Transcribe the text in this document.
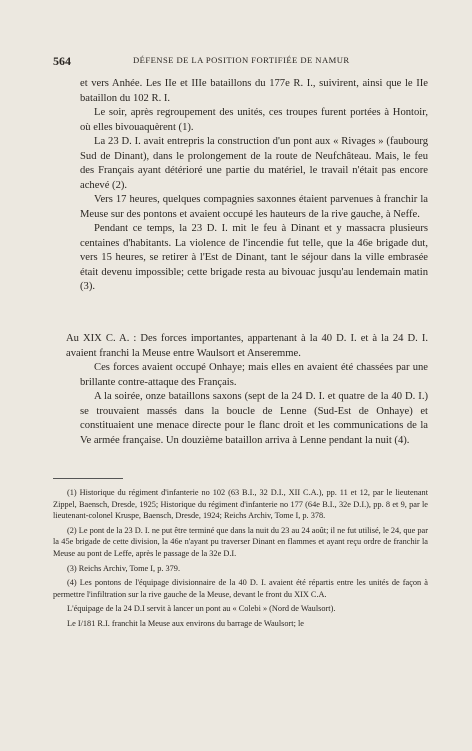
564	DÉFENSE DE LA POSITION FORTIFIÉE DE NAMUR

et vers Anhée. Les IIe et IIIe bataillons du 177e R. I., suivirent, ainsi que le IIe bataillon du 102 R. I.

Le soir, après regroupement des unités, ces troupes furent portées à Hontoir, où elles bivouaquèrent (1).

La 23 D. I. avait entrepris la construction d'un pont aux « Rivages » (faubourg Sud de Dinant), dans le prolongement de la route de Neufchâteau. Mais, le feu des Français ayant détérioré une partie du matériel, le travail n'était pas encore achevé (2).

Vers 17 heures, quelques compagnies saxonnes étaient parvenues à franchir la Meuse sur des pontons et avaient occupé les hauteurs de la rive gauche, à Neffe.

Pendant ce temps, la 23 D. I. mit le feu à Dinant et y massacra plusieurs centaines d'habitants. La violence de l'incendie fut telle, que la 46e brigade dut, vers 15 heures, se retirer à l'Est de Dinant, tant le séjour dans la ville embrasée était devenu impossible; cette brigade resta au bivouac jusqu'au lendemain matin (3).

Au XIX C. A. : Des forces importantes, appartenant à la 40 D. I. et à la 24 D. I. avaient franchi la Meuse entre Waulsort et Anseremme.

Ces forces avaient occupé Onhaye; mais elles en avaient été chassées par une brillante contre-attaque des Français.

A la soirée, onze bataillons saxons (sept de la 24 D. I. et quatre de la 40 D. I.) se trouvaient massés dans la boucle de Lenne (Sud-Est de Onhaye) et constituaient une menace directe pour le flanc droit et les communications de la Ve armée française. Un douzième bataillon arriva à Lenne pendant la nuit (4).

(1) Historique du régiment d'infanterie no 102 (63 B.I., 32 D.I., XII C.A.), pp. 11 et 12, par le lieutenant Zippel, Baensch, Dresde, 1925; Historique du régiment d'infanterie no 177 (64e B.I., 32e D.I.), pp. 8 et 9, par le lieutenant-colonel Kruspe, Baensch, Dresde, 1924; Reichs Archiv, Tome I, p. 378.

(2) Le pont de la 23 D. I. ne put être terminé que dans la nuit du 23 au 24 août; il ne fut utilisé, le 24, que par la 45e brigade de cette division, la 46e n'ayant pu traverser Dinant en flammes et ayant reçu ordre de franchir la Meuse au pont de Leffe, après le passage de la 32e D.I.

(3) Reichs Archiv, Tome I, p. 379.

(4) Les pontons de l'équipage divisionnaire de la 40 D. I. avaient été répartis entre les unités de façon à permettre l'infiltration sur la rive gauche de la Meuse, devant le front du XIX C.A.

L'équipage de la 24 D.I servit à lancer un pont au « Colebi » (Nord de Waulsort).

Le I/181 R.I. franchit la Meuse aux environs du barrage de Waulsort; le
